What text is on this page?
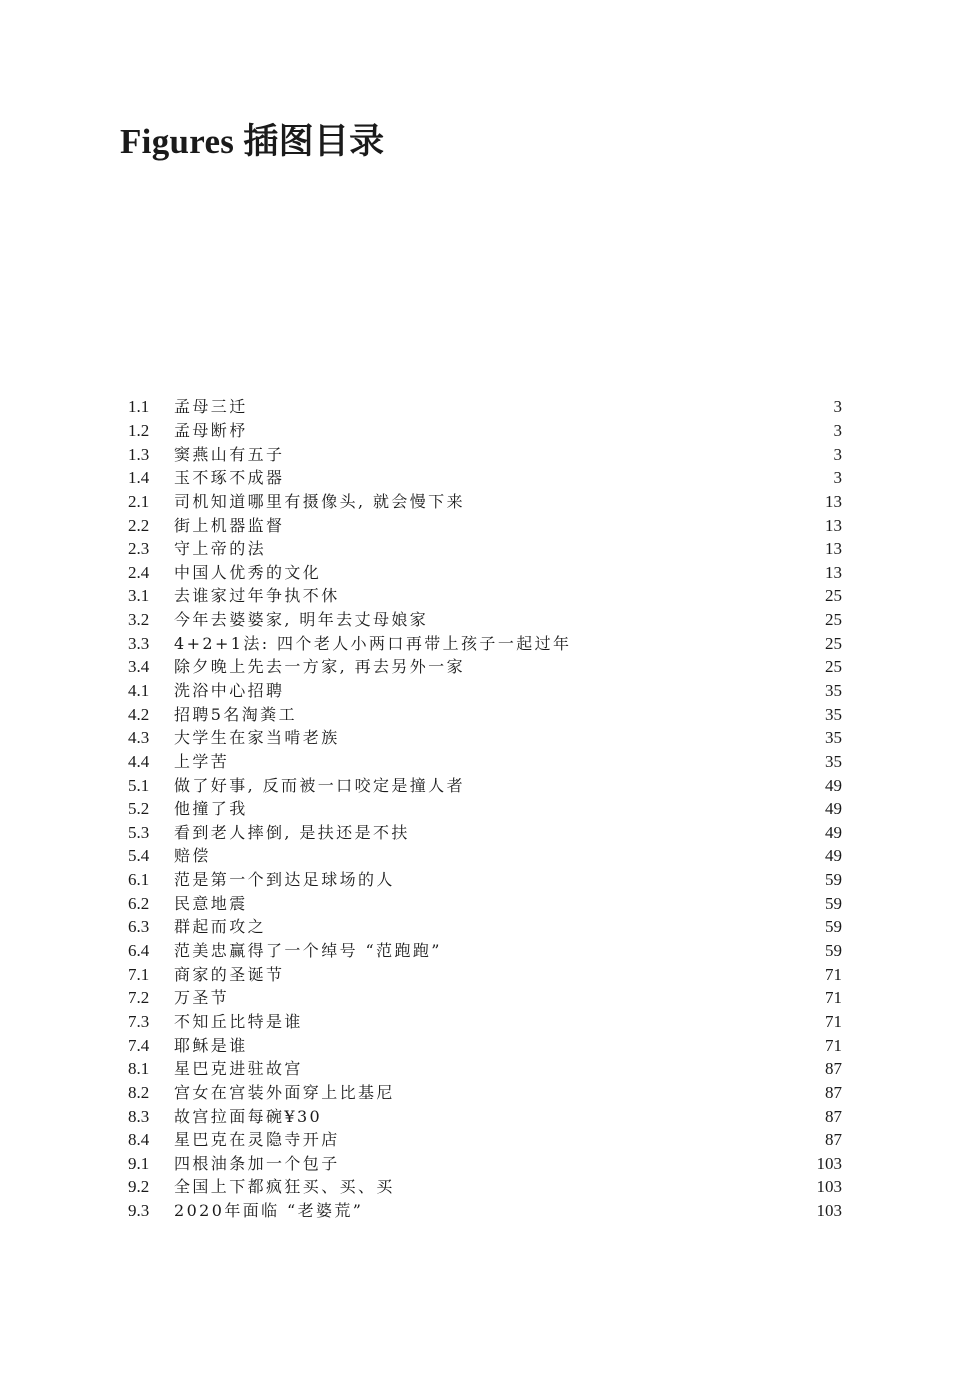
Figures 插图目录
1.1	孟母三迁	3
1.2	孟母断杼	3
1.3	窦燕山有五子	3
1.4	玉不琢不成器	3
2.1	司机知道哪里有摄像头, 就会慢下来	13
2.2	街上机器监督	13
2.3	守上帝的法	13
2.4	中国人优秀的文化	13
3.1	去谁家过年争执不休	25
3.2	今年去婆婆家, 明年去丈母娘家	25
3.3	4+2+1法: 四个老人小两口再带上孩子一起过年	25
3.4	除夕晚上先去一方家, 再去另外一家	25
4.1	洗浴中心招聘	35
4.2	招聘5名淘粪工	35
4.3	大学生在家当啃老族	35
4.4	上学苦	35
5.1	做了好事, 反而被一口咬定是撞人者	49
5.2	他撞了我	49
5.3	看到老人摔倒, 是扶还是不扶	49
5.4	赔偿	49
6.1	范是第一个到达足球场的人	59
6.2	民意地震	59
6.3	群起而攻之	59
6.4	范美忠赢得了一个绰号 “范跑跑”	59
7.1	商家的圣诞节	71
7.2	万圣节	71
7.3	不知丘比特是谁	71
7.4	耶稣是谁	71
8.1	星巴克进驻故宫	87
8.2	宫女在宫装外面穿上比基尼	87
8.3	故宫拉面每碗¥30	87
8.4	星巴克在灵隐寺开店	87
9.1	四根油条加一个包子	103
9.2	全国上下都疯狂买、买、买	103
9.3	2020年面临 “老婆荒”	103
